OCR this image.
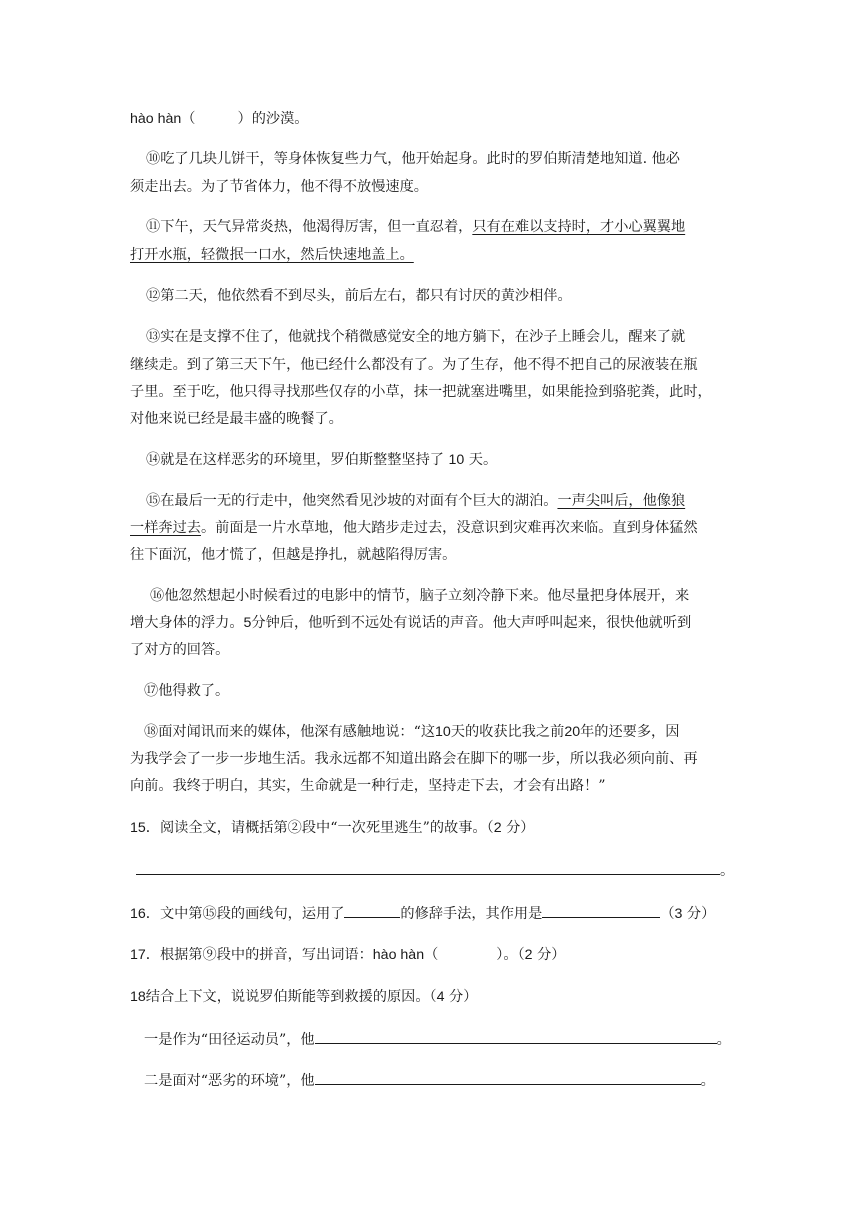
hào hàn（	）的沙漠。
⑩吃了几块儿饼干，等身体恢复些力气，他开始起身。此时的罗伯斯清楚地知道. 他必
须走出去。为了节省体力，他不得不放慢速度。
⑪下午，天气异常炎热，他渴得厉害，但一直忍着，只有在难以支持时，才小心翼翼地
打开水瓶，轻微抿一口水，然后快速地盖上。
⑫第二天，他依然看不到尽头，前后左右，都只有讨厌的黄沙相伴。
⑬实在是支撑不住了，他就找个稍微感觉安全的地方躺下，在沙子上睡会儿，醒来了就
继续走。到了第三天下午，他已经什么都没有了。为了生存，他不得不把自己的尿液装在瓶
子里。至于吃，他只得寻找那些仅存的小草，抹一把就塞进嘴里，如果能捡到骆驼粪，此时，
对他来说已经是最丰盛的晚餐了。
⑭就是在这样恶劣的环境里，罗伯斯整整坚持了 10 天。
⑮在最后一无的行走中，他突然看见沙坡的对面有个巨大的湖泊。一声尖叫后，他像狼
一样奔过去。前面是一片水草地，他大踏步走过去，没意识到灾难再次来临。直到身体猛然
往下面沉，他才慌了，但越是挣扎，就越陷得厉害。
⑯他忽然想起小时候看过的电影中的情节，脑子立刻冷静下来。他尽量把身体展开，来
增大身体的浮力。5分钟后，他听到不远处有说话的声音。他大声呼叫起来，很快他就听到
了对方的回答。
⑰他得救了。
⑱面对闻讯而来的媒体，他深有感触地说：“这10天的收获比我之前20年的还要多，因
为我学会了一步一步地生活。我永远都不知道出路会在脚下的哪一步，所以我必须向前、再
向前。我终于明白，其实，生命就是一种行走，坚持走下去，才会有出路！”
15．阅读全文，请概括第②段中“一次死里逃生”的故事。（2 分）
。
16．文中第⑮段的画线句，运用了	的修辞手法，其作用是	（3 分）
17．根据第⑨段中的拼音，写出词语：hào hàn（	）。（2 分）
18结合上下文，说说罗伯斯能等到救援的原因。（4 分）
一是作为“田径运动员”，他	。
二是面对“恶劣的环境”，他	。
